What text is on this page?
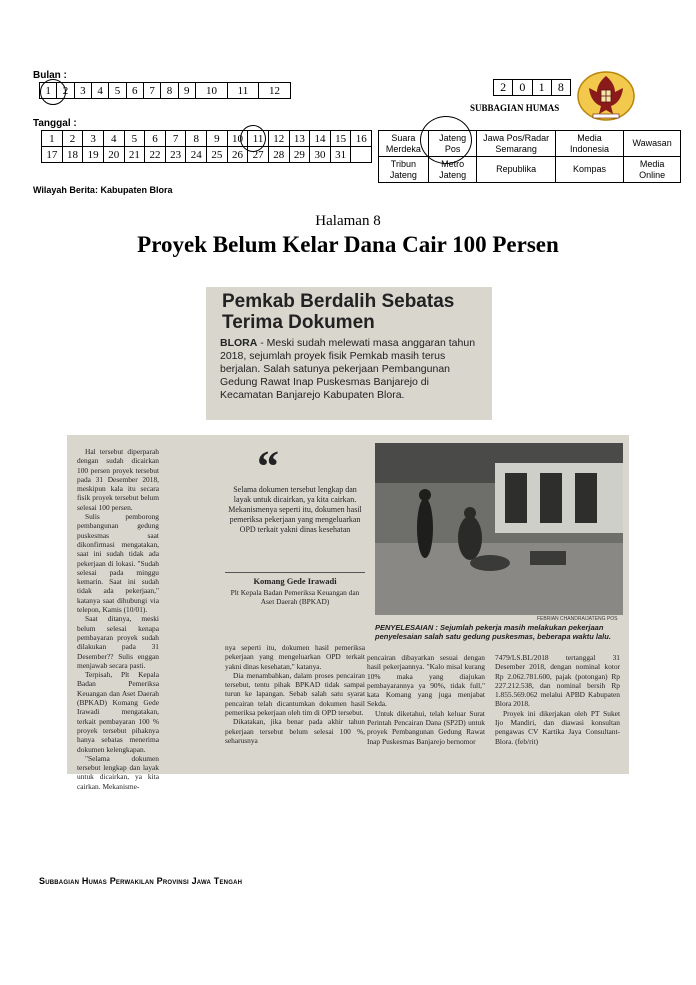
Bulan :
1	2	3	4	5	6	7	8	9	10	11	12
Tanggal :
1	2	3	4	5	6	7	8	9	10	11	12	13	14	15	16
17	18	19	20	21	22	23	24	25	26	27	28	29	30	31	
2	0	1	8
SUBBAGIAN HUMAS
Suara Merdeka	Jateng Pos	Jawa Pos/Radar Semarang	Media Indonesia	Wawasan
Tribun Jateng	Metro Jateng	Republika	Kompas	Media Online
Wilayah Berita: Kabupaten Blora
Halaman 8
Proyek Belum Kelar Dana Cair 100 Persen
Pemkab Berdalih Sebatas
Terima Dokumen
BLORA - Meski sudah melewati masa anggaran tahun 2018, sejumlah proyek fisik Pemkab masih terus berjalan. Salah satunya pekerjaan Pembangunan Gedung Rawat Inap Puskesmas Banjarejo di Kecamatan Banjarejo Kabupaten Blora.

Hal tersebut diperparah dengan sudah dicairkan 100 persen proyek tersebut pada 31 Desember 2018, meskipun kala itu secara fisik proyek tersebut belum selesai 100 persen.

Sulis pemborong pembangunan gedung puskesmas saat dikonfirmasi mengatakan, saat ini sudah tidak ada pekerjaan di lokasi. "Sudah selesai pada minggu kemarin. Saat ini sudah tidak ada pekerjaan," katanya saat dihubungi via telepon, Kamis (10/01).

Saat ditanya, meski belum selesai kenapa pembayaran proyek sudah dilakukan pada 31 Desember?? Sulis enggan menjawab secara pasti.

Terpisah, Plt Kepala Badan Pemeriksa Keuangan dan Aset Daerah (BPKAD) Komang Gede Irawadi mengatakan, terkait pembayaran 100 % proyek tersebut pihaknya hanya sebatas menerima dokumen kelengkapan.

"Selama dokumen tersebut lengkap dan layak untuk dicairkan, ya kita cairkan. Mekanisme-

“
Selama dokumen tersebut lengkap dan layak untuk dicairkan, ya kita cairkan. Mekanismenya seperti itu, dokumen hasil pemeriksa pekerjaan yang mengeluarkan OPD terkait yakni dinas kesehatan
Komang Gede Irawadi
Plt Kepala Badan Pemeriksa Keuangan dan Aset Daerah (BPKAD)

nya seperti itu, dokumen hasil pemeriksa pekerjaan yang mengeluarkan OPD terkait yakni dinas kesehatan," katanya.

Dia menambahkan, dalam proses pencairan tersebut, tentu pihak BPKAD tidak sampai turun ke lapangan. Sebab salah satu syarat pencairan telah dicantumkan dokumen hasil pemeriksa pekerjaan oleh tim di OPD tersebut.

Dikatakan, jika benar pada akhir tahun pekerjaan tersebut belum selesai 100 %, seharusnya

FEBRIAN CHANDRA/JATENG POS
PENYELESAIAN : Sejumlah pekerja masih melakukan pekerjaan penyelesaian salah satu gedung puskesmas, beberapa waktu lalu.

pencairan dibayarkan sesuai dengan hasil pekerjaannya. "Kalo misal kurang 10% maka yang diajukan pembayarannya ya 90%, tidak full," kata Komang yang juga menjabat Sekda.

Untuk diketahui, telah keluar Surat Perintah Pencairan Dana (SP2D) untuk proyek Pembangunan Gedung Rawat Inap Puskesmas Banjarejo bernomor

7479/LS.BL/2018 tertanggal 31 Desember 2018, dengan nominal kotor Rp 2.062.781.600, pajak (potongan) Rp 227.212.538, dan nominal bersih Rp 1.855.569.062 melalui APBD Kabupaten Blora 2018.

Proyek ini dikerjakan oleh PT Suket Ijo Mandiri, dan diawasi konsultan pengawas CV Kartika Jaya Consultant-Blora. (feb/rit)

Subbagian Humas Perwakilan Provinsi Jawa Tengah
